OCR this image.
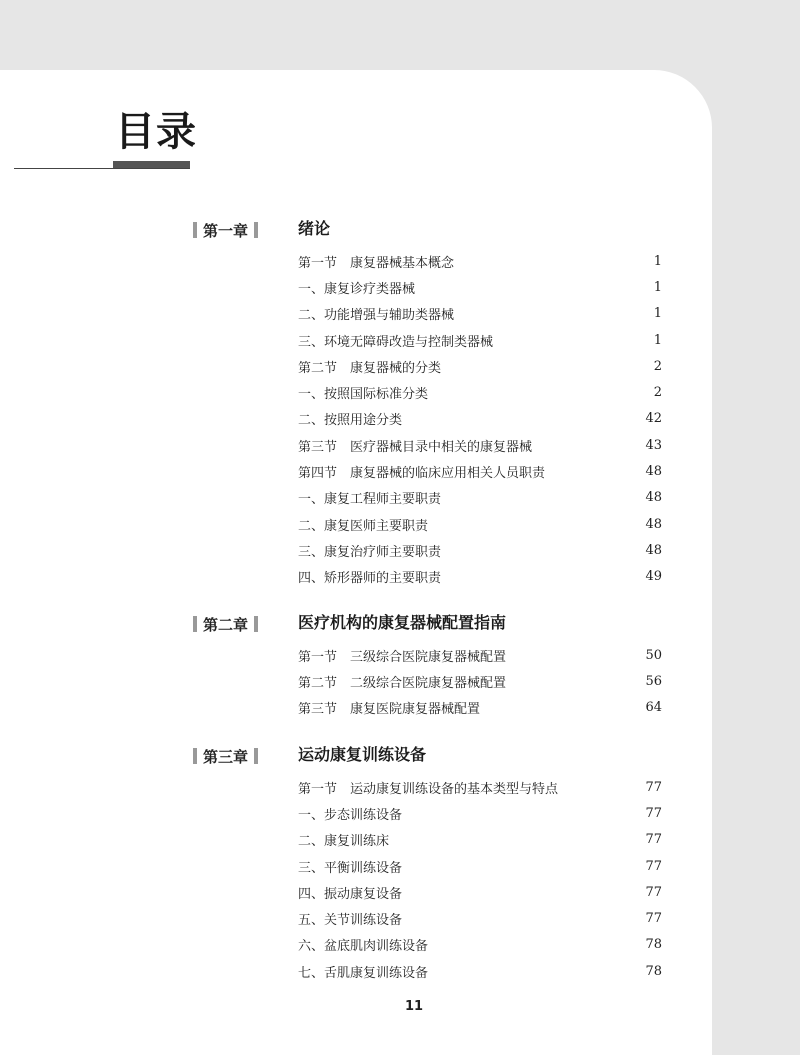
目录
第一章	绪论
第一节　康复器械基本概念	1
一、康复诊疗类器械	1
二、功能增强与辅助类器械	1
三、环境无障碍改造与控制类器械	1
第二节　康复器械的分类	2
一、按照国际标准分类	2
二、按照用途分类	42
第三节　医疗器械目录中相关的康复器械	43
第四节　康复器械的临床应用相关人员职责	48
一、康复工程师主要职责	48
二、康复医师主要职责	48
三、康复治疗师主要职责	48
四、矫形器师的主要职责	49
第二章	医疗机构的康复器械配置指南
第一节　三级综合医院康复器械配置	50
第二节　二级综合医院康复器械配置	56
第三节　康复医院康复器械配置	64
第三章	运动康复训练设备
第一节　运动康复训练设备的基本类型与特点	77
一、步态训练设备	77
二、康复训练床	77
三、平衡训练设备	77
四、振动康复设备	77
五、关节训练设备	77
六、盆底肌肉训练设备	78
七、舌肌康复训练设备	78
11
